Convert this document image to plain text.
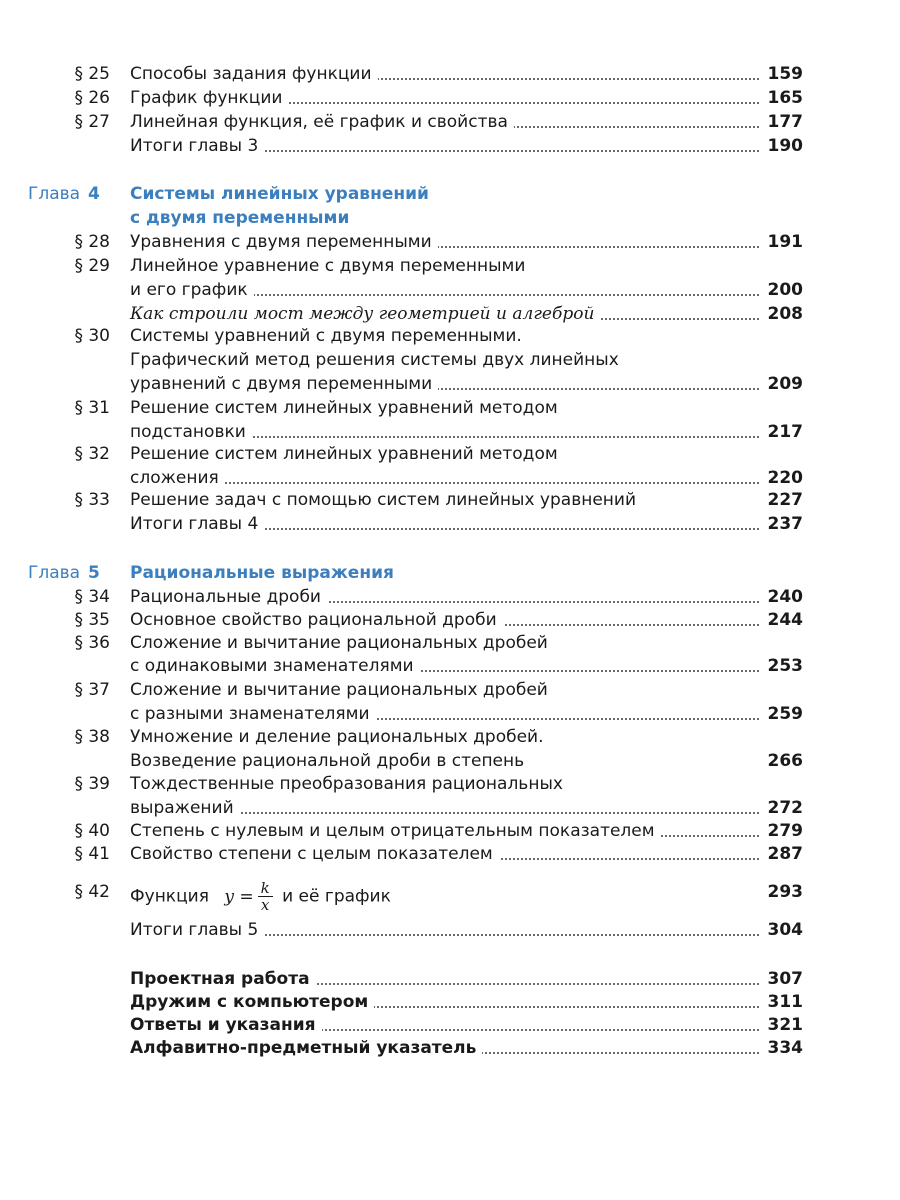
§ 25 Способы задания функции	159
§ 26 График функции	165
§ 27 Линейная функция, её график и свойства	177
Итоги главы 3	190
Глава 4 Системы линейных уравнений
с двумя переменными
§ 28 Уравнения с двумя переменными	191
§ 29 Линейное уравнение с двумя переменными
и его график	200
Как строили мост между геометрией и алгеброй	208
§ 30 Системы уравнений с двумя переменными.
Графический метод решения системы двух линейных
уравнений с двумя переменными	209
§ 31 Решение систем линейных уравнений методом
подстановки	217
§ 32 Решение систем линейных уравнений методом
сложения	220
§ 33 Решение задач с помощью систем линейных уравнений	227
Итоги главы 4	237
Глава 5 Рациональные выражения
§ 34 Рациональные дроби	240
§ 35 Основное свойство рациональной дроби	244
§ 36 Сложение и вычитание рациональных дробей
с одинаковыми знаменателями	253
§ 37 Сложение и вычитание рациональных дробей
с разными знаменателями	259
§ 38 Умножение и деление рациональных дробей.
Возведение рациональной дроби в степень	266
§ 39 Тождественные преобразования рациональных
выражений	272
§ 40 Степень с нулевым и целым отрицательным показателем	279
§ 41 Свойство степени с целым показателем	287
§ 42 Функция $y = \frac{k}{x}$ и её график	293
Итоги главы 5	304
Проектная работа	307
Дружим с компьютером	311
Ответы и указания	321
Алфавитно-предметный указатель	334
